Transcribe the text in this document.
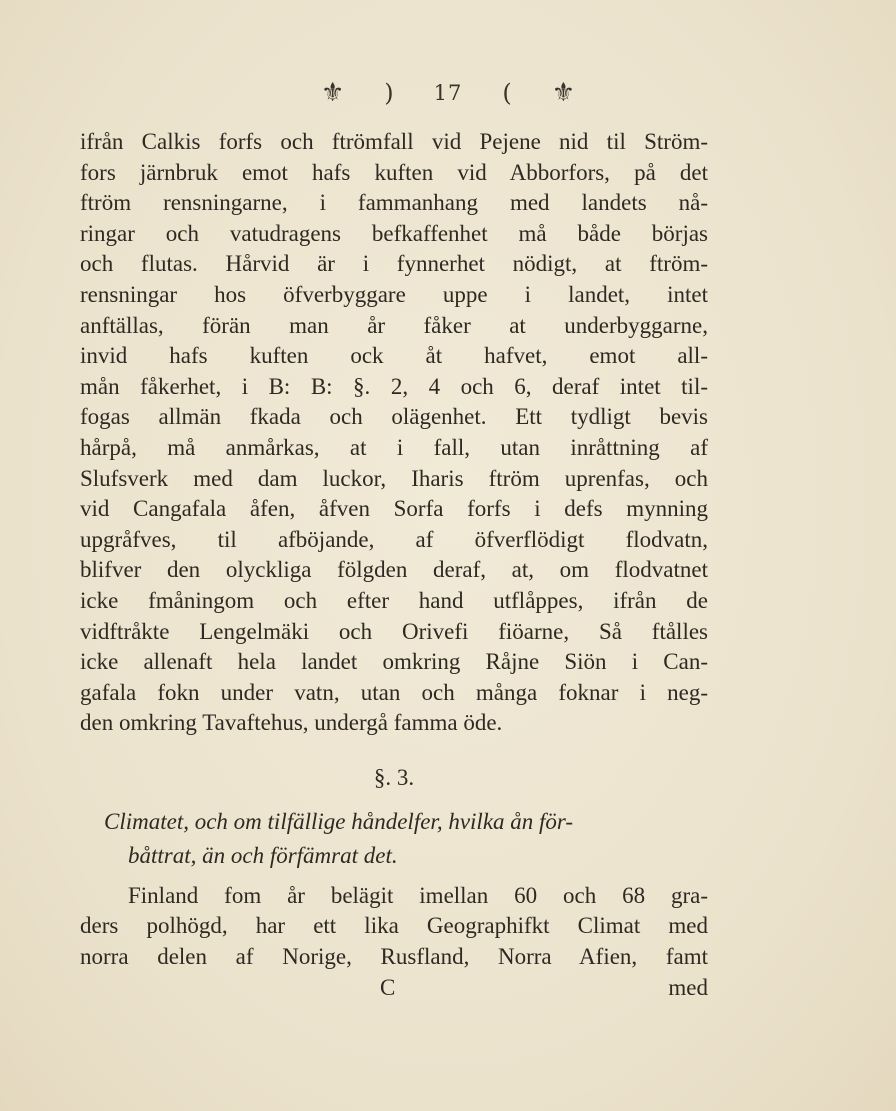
⚜ ) 17 ( ⚜
ifrån Calkis forfs och ftrömfall vid Pejene nid til Ström-
fors järnbruk emot hafs kuften vid Abborfors, på det
ftröm rensningarne, i fammanhang med landets nå-
ringar och vatudragens befkaffenhet må både börjas
och flutas. Hårvid är i fynnerhet nödigt, at ftröm-
rensningar hos öfverbyggare uppe i landet, intet
anftällas, förän man år fåker at underbyggarne,
invid hafs kuften ock åt hafvet, emot all-
mån fåkerhet, i B: B: §. 2, 4 och 6, deraf intet til-
fogas allmän fkada och olägenhet. Ett tydligt bevis
hårpå, må anmårkas, at i fall, utan inråttning af
Slufsverk med dam luckor, Iharis ftröm uprenfas, och
vid Cangafala åfen, åfven Sorfa forfs i defs mynning
upgråfves, til afböjande, af öfverflödigt flodvatn,
blifver den olyckliga fölgden deraf, at, om flodvatnet
icke fmåningom och efter hand utflåppes, ifrån de
vidftråkte Lengelmäki och Orivefi fiöarne, Så ftålles
icke allenaft hela landet omkring Råjne Siön i Can-
gafala fokn under vatn, utan och många foknar i neg-
den omkring Tavaftehus, undergå famma öde.
§. 3.
Climatet, och om tilfällige håndelfer, hvilka ån för-
båttrat, än och förfämrat det.
Finland fom år belägit imellan 60 och 68 gra-
ders polhögd, har ett lika Geographifkt Climat med
norra delen af Norige, Rusfland, Norra Afien, famt
C	med
